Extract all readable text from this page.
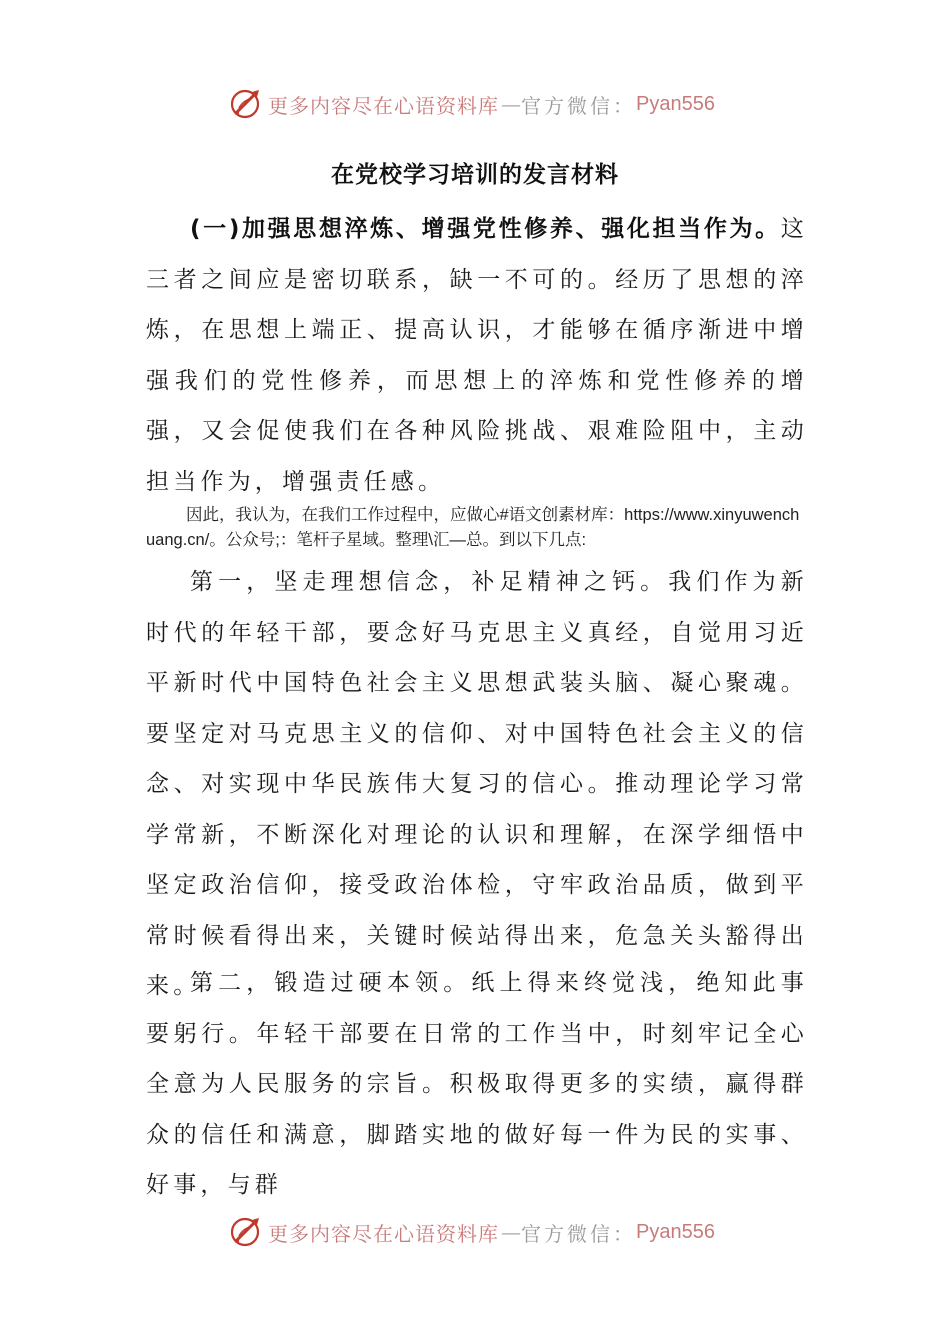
更多内容尽在心语资料库 — 官方微信： Pyan556
在党校学习培训的发言材料

(一)加强思想淬炼、增强党性修养、强化担当作为。这三者之间应是密切联系，缺一不可的。经历了思想的淬炼，在思想上端正、提高认识，才能够在循序渐进中增强我们的党性修养，而思想上的淬炼和党性修养的增强，又会促使我们在各种风险挑战、艰难险阻中，主动担当作为，增强责任感。

因此，我认为，在我们工作过程中，应做心#语文创素材库：https://www.xinyuwenchuang.cn/。公众号;：笔杆子星域。整理\汇—总。到以下几点:

第一，坚走理想信念，补足精神之钙。我们作为新时代的年轻干部，要念好马克思主义真经，自觉用习近平新时代中国特色社会主义思想武装头脑、凝心聚魂。要坚定对马克思主义的信仰、对中国特色社会主义的信念、对实现中华民族伟大复习的信心。推动理论学习常学常新，不断深化对理论的认识和理解，在深学细悟中坚定政治信仰，接受政治体检，守牢政治品质，做到平常时候看得出来，关键时候站得出来，危急关头豁得出来。

第二，锻造过硬本领。纸上得来终觉浅，绝知此事要躬行。年轻干部要在日常的工作当中，时刻牢记全心全意为人民服务的宗旨。积极取得更多的实绩，赢得群众的信任和满意，脚踏实地的做好每一件为民的实事、好事，与群

更多内容尽在心语资料库 — 官方微信： Pyan556
